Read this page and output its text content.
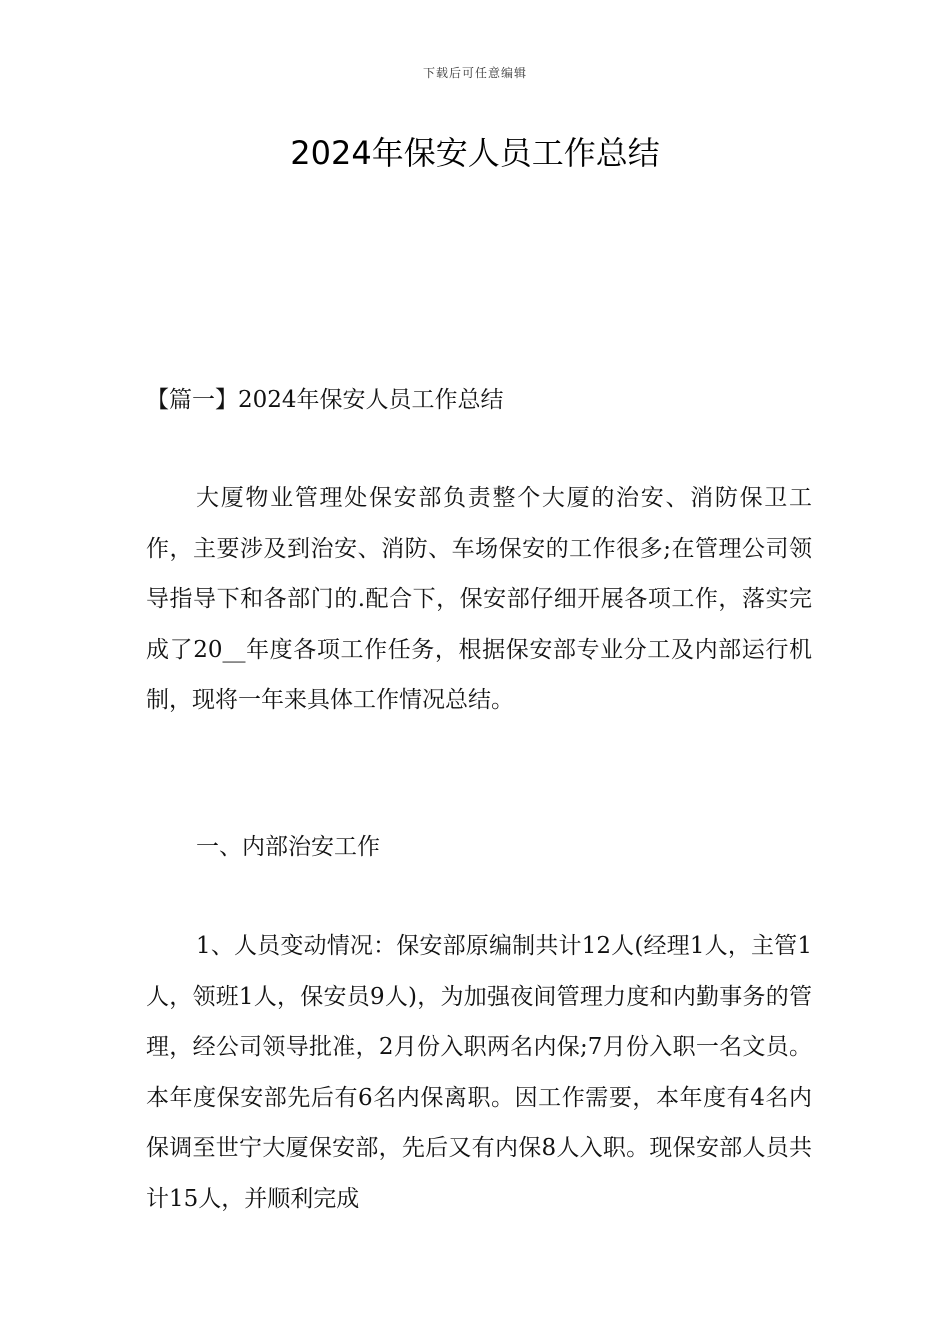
下载后可任意编辑
2024年保安人员工作总结

【篇一】2024年保安人员工作总结

大厦物业管理处保安部负责整个大厦的治安、消防保卫工作，主要涉及到治安、消防、车场保安的工作很多;在管理公司领导指导下和各部门的.配合下，保安部仔细开展各项工作，落实完成了20__年度各项工作任务，根据保安部专业分工及内部运行机制，现将一年来具体工作情况总结。

一、内部治安工作

1、人员变动情况：保安部原编制共计12人(经理1人，主管1人，领班1人，保安员9人)，为加强夜间管理力度和内勤事务的管理，经公司领导批准，2月份入职两名内保;7月份入职一名文员。本年度保安部先后有6名内保离职。因工作需要，本年度有4名内保调至世宁大厦保安部，先后又有内保8人入职。现保安部人员共计15人，并顺利完成
